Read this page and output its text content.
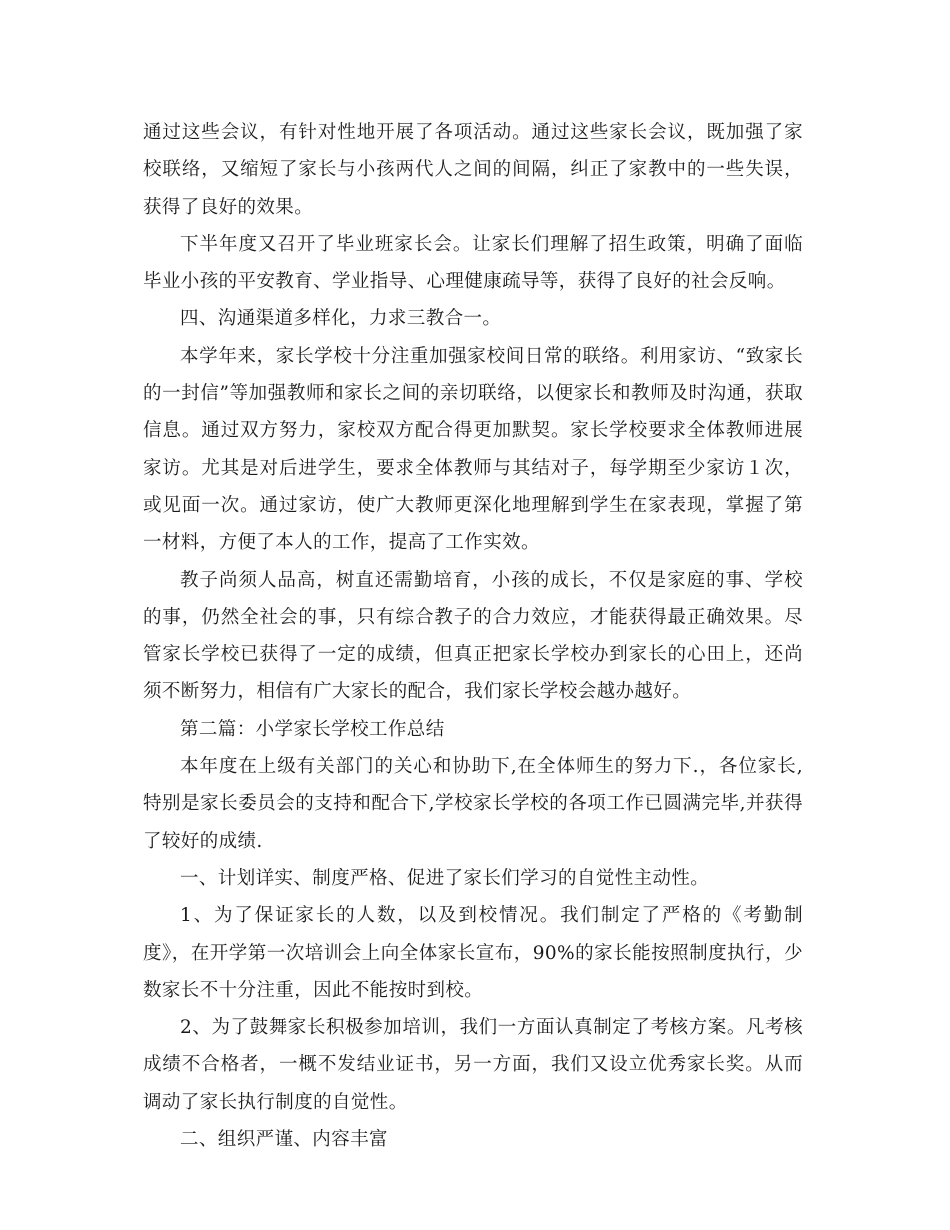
通过这些会议，有针对性地开展了各项活动。通过这些家长会议，既加强了家校联络，又缩短了家长与小孩两代人之间的间隔，纠正了家教中的一些失误，获得了良好的效果。

下半年度又召开了毕业班家长会。让家长们理解了招生政策，明确了面临毕业小孩的平安教育、学业指导、心理健康疏导等，获得了良好的社会反响。

四、沟通渠道多样化，力求三教合一。

本学年来，家长学校十分注重加强家校间日常的联络。利用家访、“致家长的一封信”等加强教师和家长之间的亲切联络，以便家长和教师及时沟通，获取信息。通过双方努力，家校双方配合得更加默契。家长学校要求全体教师进展家访。尤其是对后进学生，要求全体教师与其结对子，每学期至少家访１次，或见面一次。通过家访，使广大教师更深化地理解到学生在家表现，掌握了第一材料，方便了本人的工作，提高了工作实效。

教子尚须人品高，树直还需勤培育，小孩的成长，不仅是家庭的事、学校的事，仍然全社会的事，只有综合教子的合力效应，才能获得最正确效果。尽管家长学校已获得了一定的成绩，但真正把家长学校办到家长的心田上，还尚须不断努力，相信有广大家长的配合，我们家长学校会越办越好。

第二篇：小学家长学校工作总结

本年度在上级有关部门的关心和协助下,在全体师生的努力下.，各位家长,特别是家长委员会的支持和配合下,学校家长学校的各项工作已圆满完毕,并获得了较好的成绩.

一、计划详实、制度严格、促进了家长们学习的自觉性主动性。

1、为了保证家长的人数，以及到校情况。我们制定了严格的《考勤制度》，在开学第一次培训会上向全体家长宣布，90%的家长能按照制度执行，少数家长不十分注重，因此不能按时到校。

2、为了鼓舞家长积极参加培训，我们一方面认真制定了考核方案。凡考核成绩不合格者，一概不发结业证书，另一方面，我们又设立优秀家长奖。从而调动了家长执行制度的自觉性。

二、组织严谨、内容丰富
